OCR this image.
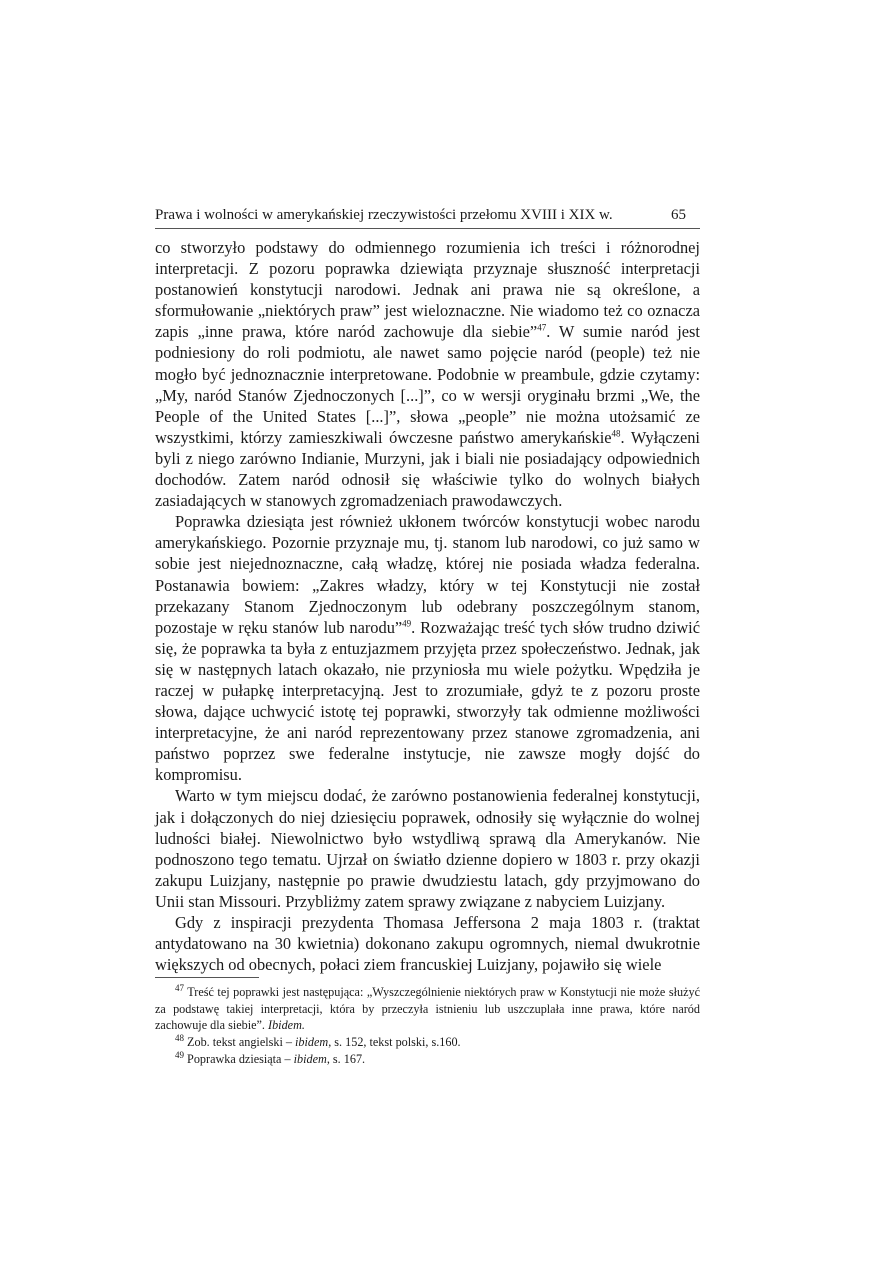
Prawa i wolności w amerykańskiej rzeczywistości przełomu XVIII i XIX w.	65

co stworzyło podstawy do odmiennego rozumienia ich treści i różnorodnej interpretacji. Z pozoru poprawka dziewiąta przyznaje słuszność interpretacji postanowień konstytucji narodowi. Jednak ani prawa nie są określone, a sformułowanie „niektórych praw” jest wieloznaczne. Nie wiadomo też co oznacza zapis „inne prawa, które naród zachowuje dla siebie”$^{47}$. W sumie naród jest podniesiony do roli podmiotu, ale nawet samo pojęcie naród (people) też nie mogło być jednoznacznie interpretowane. Podobnie w preambule, gdzie czytamy: „My, naród Stanów Zjednoczonych [...]”, co w wersji oryginału brzmi „We, the People of the United States [...]”, słowa „people” nie można utożsamić ze wszystkimi, którzy zamieszkiwali ówczesne państwo amerykańskie$^{48}$. Wyłączeni byli z niego zarówno Indianie, Murzyni, jak i biali nie posiadający odpowiednich dochodów. Zatem naród odnosił się właściwie tylko do wolnych białych zasiadających w stanowych zgromadzeniach prawodawczych.

Poprawka dziesiąta jest również ukłonem twórców konstytucji wobec narodu amerykańskiego. Pozornie przyznaje mu, tj. stanom lub narodowi, co już samo w sobie jest niejednoznaczne, całą władzę, której nie posiada władza federalna. Postanawia bowiem: „Zakres władzy, który w tej Konstytucji nie został przekazany Stanom Zjednoczonym lub odebrany poszczególnym stanom, pozostaje w ręku stanów lub narodu”$^{49}$. Rozważając treść tych słów trudno dziwić się, że poprawka ta była z entuzjazmem przyjęta przez społeczeństwo. Jednak, jak się w następnych latach okazało, nie przyniosła mu wiele pożytku. Wpędziła je raczej w pułapkę interpretacyjną. Jest to zrozumiałe, gdyż te z pozoru proste słowa, dające uchwycić istotę tej poprawki, stworzyły tak odmienne możliwości interpretacyjne, że ani naród reprezentowany przez stanowe zgromadzenia, ani państwo poprzez swe federalne instytucje, nie zawsze mogły dojść do kompromisu.

Warto w tym miejscu dodać, że zarówno postanowienia federalnej konstytucji, jak i dołączonych do niej dziesięciu poprawek, odnosiły się wyłącznie do wolnej ludności białej. Niewolnictwo było wstydliwą sprawą dla Amerykanów. Nie podnoszono tego tematu. Ujrzał on światło dzienne dopiero w 1803 r. przy okazji zakupu Luizjany, następnie po prawie dwudziestu latach, gdy przyjmowano do Unii stan Missouri. Przybliżmy zatem sprawy związane z nabyciem Luizjany.

Gdy z inspiracji prezydenta Thomasa Jeffersona 2 maja 1803 r. (traktat antydatowano na 30 kwietnia) dokonano zakupu ogromnych, niemal dwukrotnie większych od obecnych, połaci ziem francuskiej Luizjany, pojawiło się wiele

$^{47}$ Treść tej poprawki jest następująca: „Wyszczególnienie niektórych praw w Konstytucji nie może służyć za podstawę takiej interpretacji, która by przeczyła istnieniu lub uszczuplała inne prawa, które naród zachowuje dla siebie”. Ibidem.

$^{48}$ Zob. tekst angielski – ibidem, s. 152, tekst polski, s.160.

$^{49}$ Poprawka dziesiąta – ibidem, s. 167.
